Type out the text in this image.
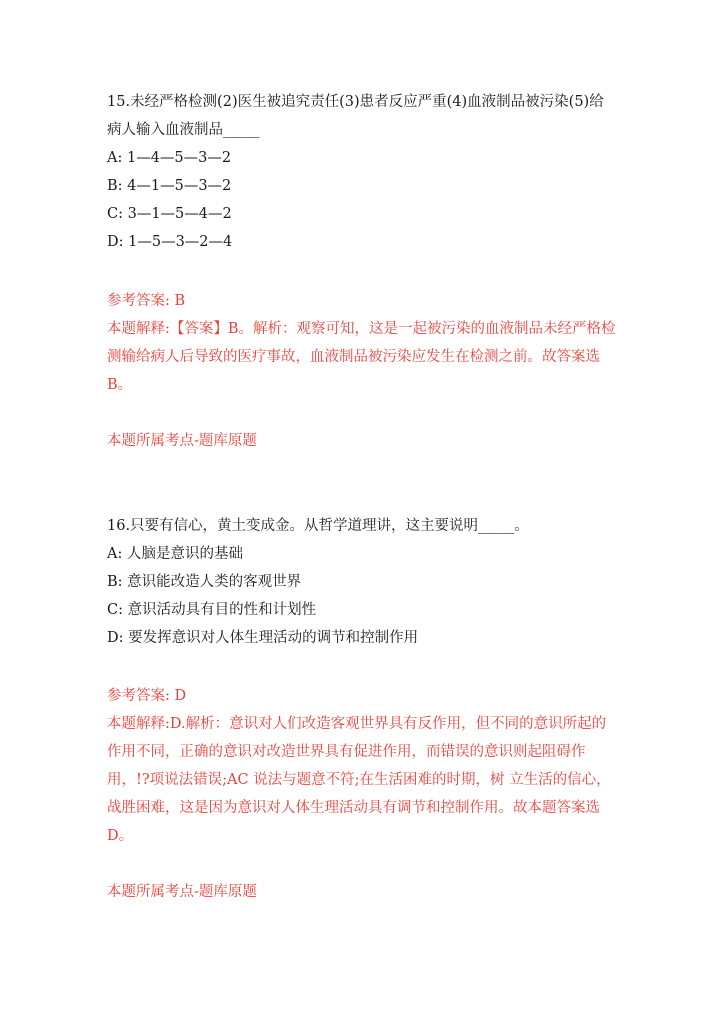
15.未经严格检测(2)医生被追究责任(3)患者反应严重(4)血液制品被污染(5)给病人输入血液制品_____
A: 1—4—5—3—2
B: 4—1—5—3—2
C: 3—1—5—4—2
D: 1—5—3—2—4
参考答案: B
本题解释:【答案】B。解析：观察可知，这是一起被污染的血液制品未经严格检测输给病人后导致的医疗事故，血液制品被污染应发生在检测之前。故答案选 B。
本题所属考点-题库原题
16.只要有信心，黄土变成金。从哲学道理讲，这主要说明_____。
A: 人脑是意识的基础
B: 意识能改造人类的客观世界
C: 意识活动具有目的性和计划性
D: 要发挥意识对人体生理活动的调节和控制作用
参考答案: D
本题解释:D.解析：意识对人们改造客观世界具有反作用，但不同的意识所起的作用不同，正确的意识对改造世界具有促进作用，而错误的意识则起阻碍作用，!?项说法错误;AC 说法与题意不符;在生活困难的时期，树 立生活的信心，战胜困难，这是因为意识对人体生理活动具有调节和控制作用。故本题答案选D。
本题所属考点-题库原题
